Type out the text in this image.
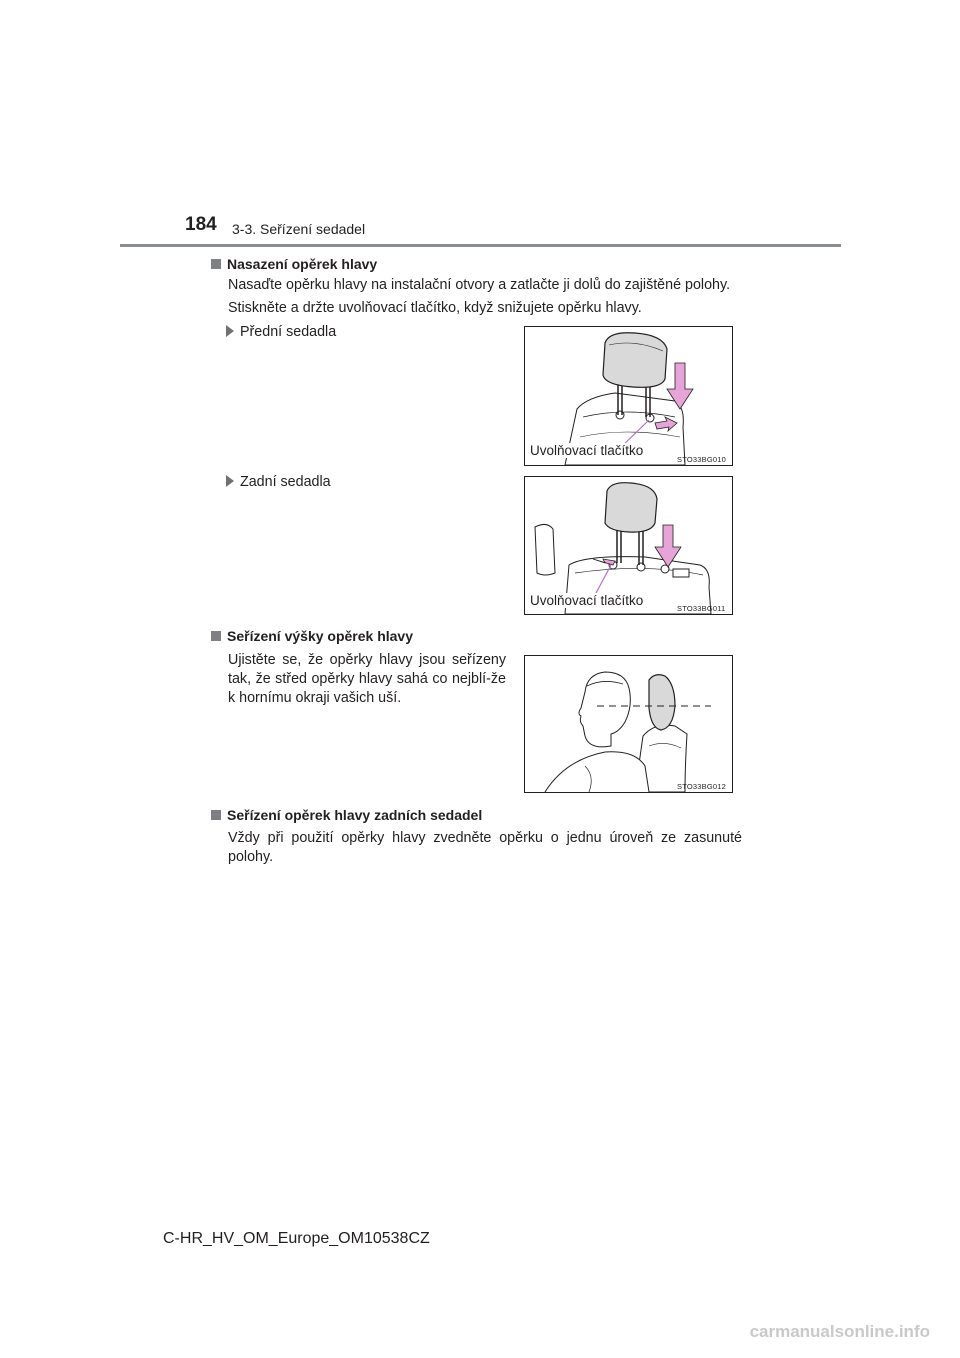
184 3-3. Seřízení sedadel
Nasazení opěrek hlavy
Nasaďte opěrku hlavy na instalační otvory a zatlačte ji dolů do zajištěné polohy.
Stiskněte a držte uvolňovací tlačítko, když snižujete opěrku hlavy.
Přední sedadla
Uvolňovací tlačítko
STO33BG010
Zadní sedadla
Uvolňovací tlačítko
STO33BG011
Seřízení výšky opěrek hlavy
Ujistěte se, že opěrky hlavy jsou seřízeny tak, že střed opěrky hlavy sahá co nejblí-že k hornímu okraji vašich uší.
STO33BG012
Seřízení opěrek hlavy zadních sedadel
Vždy při použití opěrky hlavy zvedněte opěrku o jednu úroveň ze zasunuté polohy.
C-HR_HV_OM_Europe_OM10538CZ
carmanualsonline.info
